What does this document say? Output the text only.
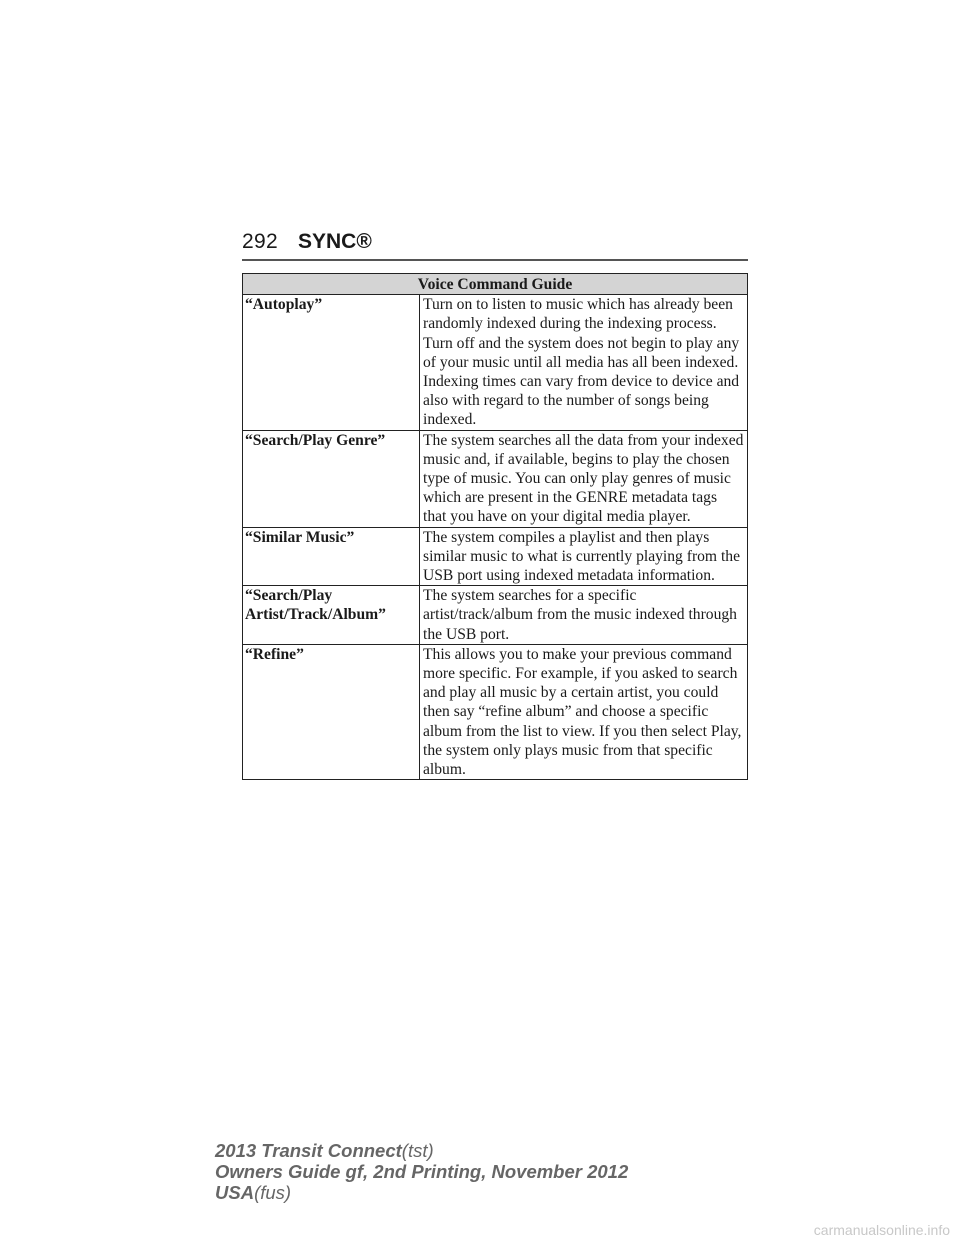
292 SYNC®
Voice Command Guide	
“Autoplay”	Turn on to listen to music which has already been randomly indexed during the indexing process.
Turn off and the system does not begin to play any of your music until all media has all been indexed. Indexing times can vary from device to device and also with regard to the number of songs being indexed.

“Search/Play Genre”	The system searches all the data from your indexed music and, if available, begins to play the chosen type of music. You can only play genres of music which are present in the GENRE metadata tags that you have on your digital media player.

“Similar Music”	The system compiles a playlist and then plays similar music to what is currently playing from the USB port using indexed metadata information.

“Search/Play Artist/Track/Album”	The system searches for a specific artist/track/album from the music indexed through the USB port.

“Refine”	This allows you to make your previous command more specific. For example, if you asked to search and play all music by a certain artist, you could then say “refine album” and choose a specific album from the list to view. If you then select Play, the system only plays music from that specific album.
2013 Transit Connect(tst)
Owners Guide gf, 2nd Printing, November 2012
USA(fus)
carmanualsonline.info
